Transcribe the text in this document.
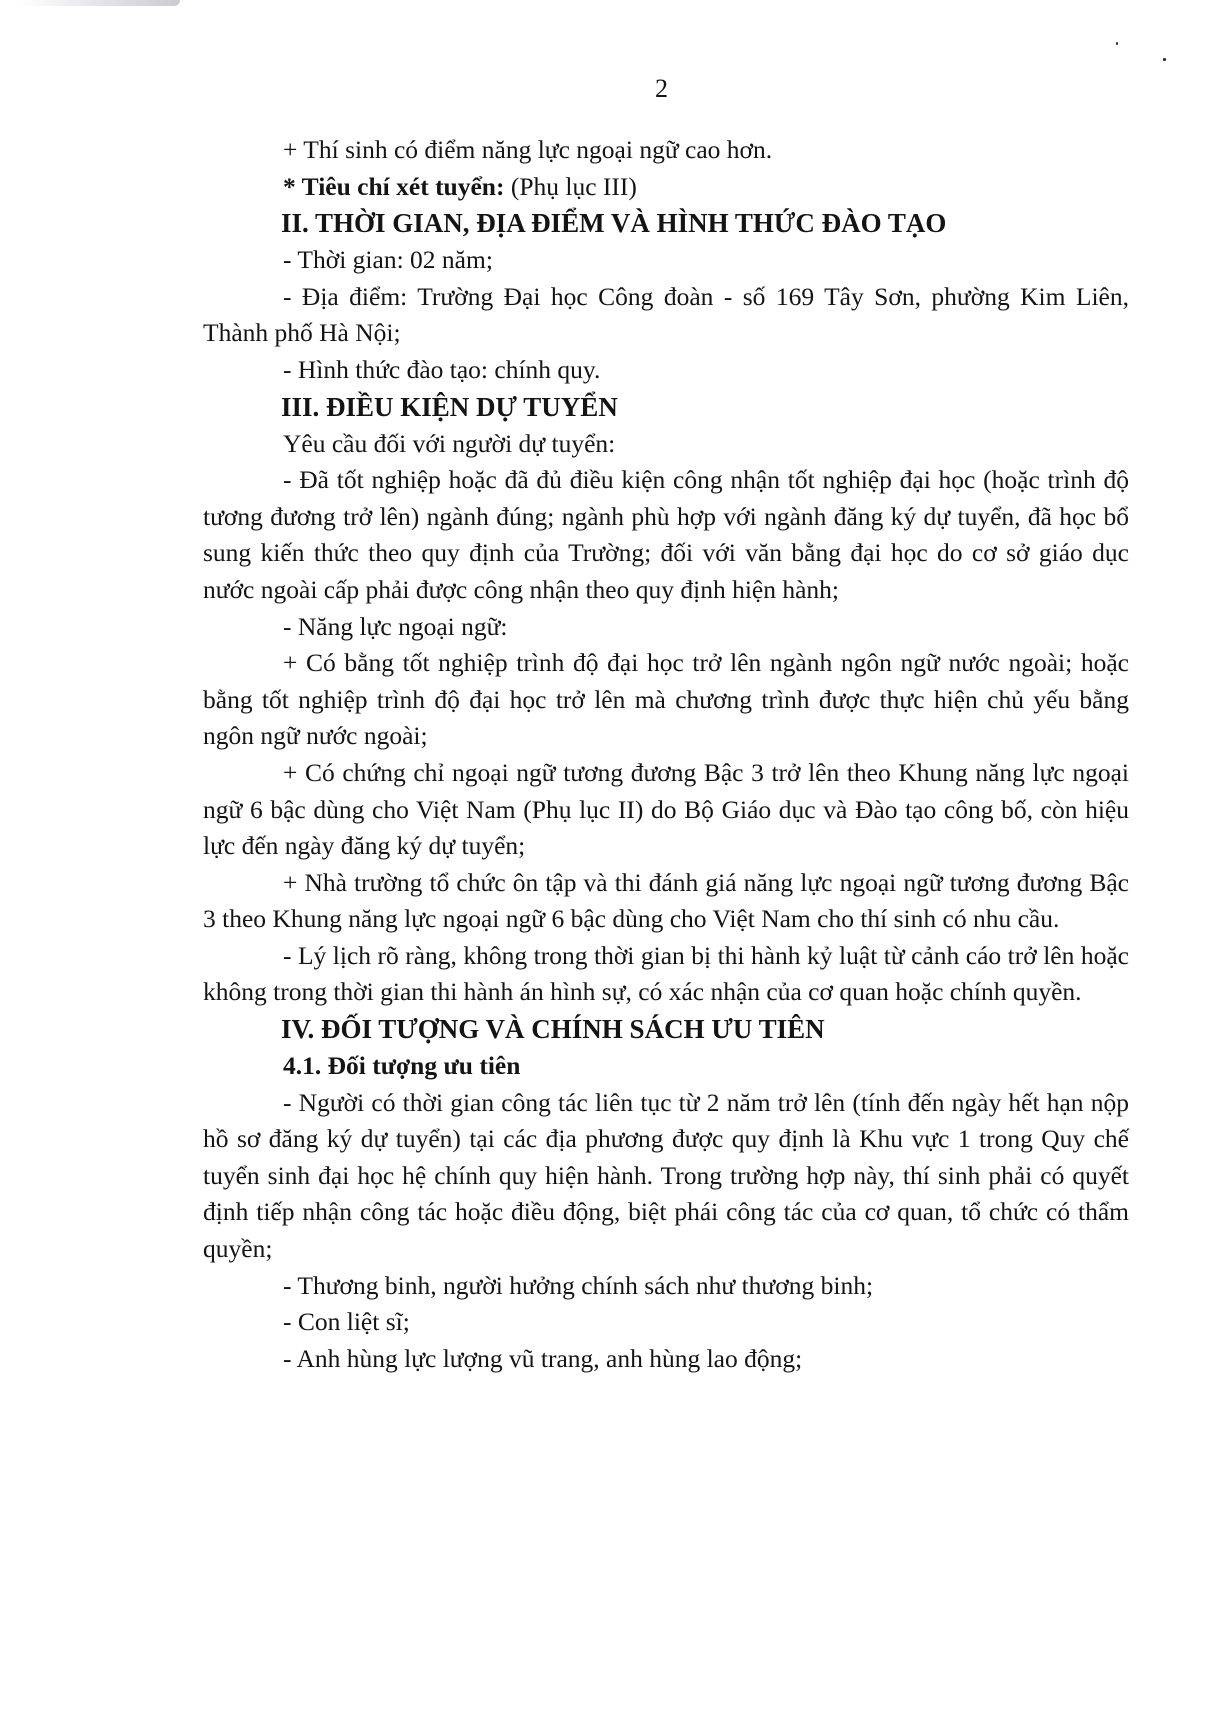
2

+ Thí sinh có điểm năng lực ngoại ngữ cao hơn.

* Tiêu chí xét tuyển: (Phụ lục III)

II. THỜI GIAN, ĐỊA ĐIỂM VÀ HÌNH THỨC ĐÀO TẠO

- Thời gian: 02 năm;

- Địa điểm: Trường Đại học Công đoàn - số 169 Tây Sơn, phường Kim Liên,

Thành phố Hà Nội;

- Hình thức đào tạo: chính quy.

III. ĐIỀU KIỆN DỰ TUYỂN

Yêu cầu đối với người dự tuyển:

- Đã tốt nghiệp hoặc đã đủ điều kiện công nhận tốt nghiệp đại học (hoặc trình độ tương đương trở lên) ngành đúng; ngành phù hợp với ngành đăng ký dự tuyển, đã học bổ sung kiến thức theo quy định của Trường; đối với văn bằng đại học do cơ sở giáo dục nước ngoài cấp phải được công nhận theo quy định hiện hành;

- Năng lực ngoại ngữ:

+ Có bằng tốt nghiệp trình độ đại học trở lên ngành ngôn ngữ nước ngoài; hoặc bằng tốt nghiệp trình độ đại học trở lên mà chương trình được thực hiện chủ yếu bằng ngôn ngữ nước ngoài;

+ Có chứng chỉ ngoại ngữ tương đương Bậc 3 trở lên theo Khung năng lực ngoại ngữ 6 bậc dùng cho Việt Nam (Phụ lục II) do Bộ Giáo dục và Đào tạo công bố, còn hiệu lực đến ngày đăng ký dự tuyển;

+ Nhà trường tổ chức ôn tập và thi đánh giá năng lực ngoại ngữ tương đương Bậc 3 theo Khung năng lực ngoại ngữ 6 bậc dùng cho Việt Nam cho thí sinh có nhu cầu.

- Lý lịch rõ ràng, không trong thời gian bị thi hành kỷ luật từ cảnh cáo trở lên hoặc không trong thời gian thi hành án hình sự, có xác nhận của cơ quan hoặc chính quyền.

IV. ĐỐI TƯỢNG VÀ CHÍNH SÁCH ƯU TIÊN
4.1. Đối tượng ưu tiên

- Người có thời gian công tác liên tục từ 2 năm trở lên (tính đến ngày hết hạn nộp hồ sơ đăng ký dự tuyển) tại các địa phương được quy định là Khu vực 1 trong Quy chế tuyển sinh đại học hệ chính quy hiện hành. Trong trường hợp này, thí sinh phải có quyết định tiếp nhận công tác hoặc điều động, biệt phái công tác của cơ quan, tổ chức có thẩm quyền;

- Thương binh, người hưởng chính sách như thương binh;

- Con liệt sĩ;

- Anh hùng lực lượng vũ trang, anh hùng lao động;
